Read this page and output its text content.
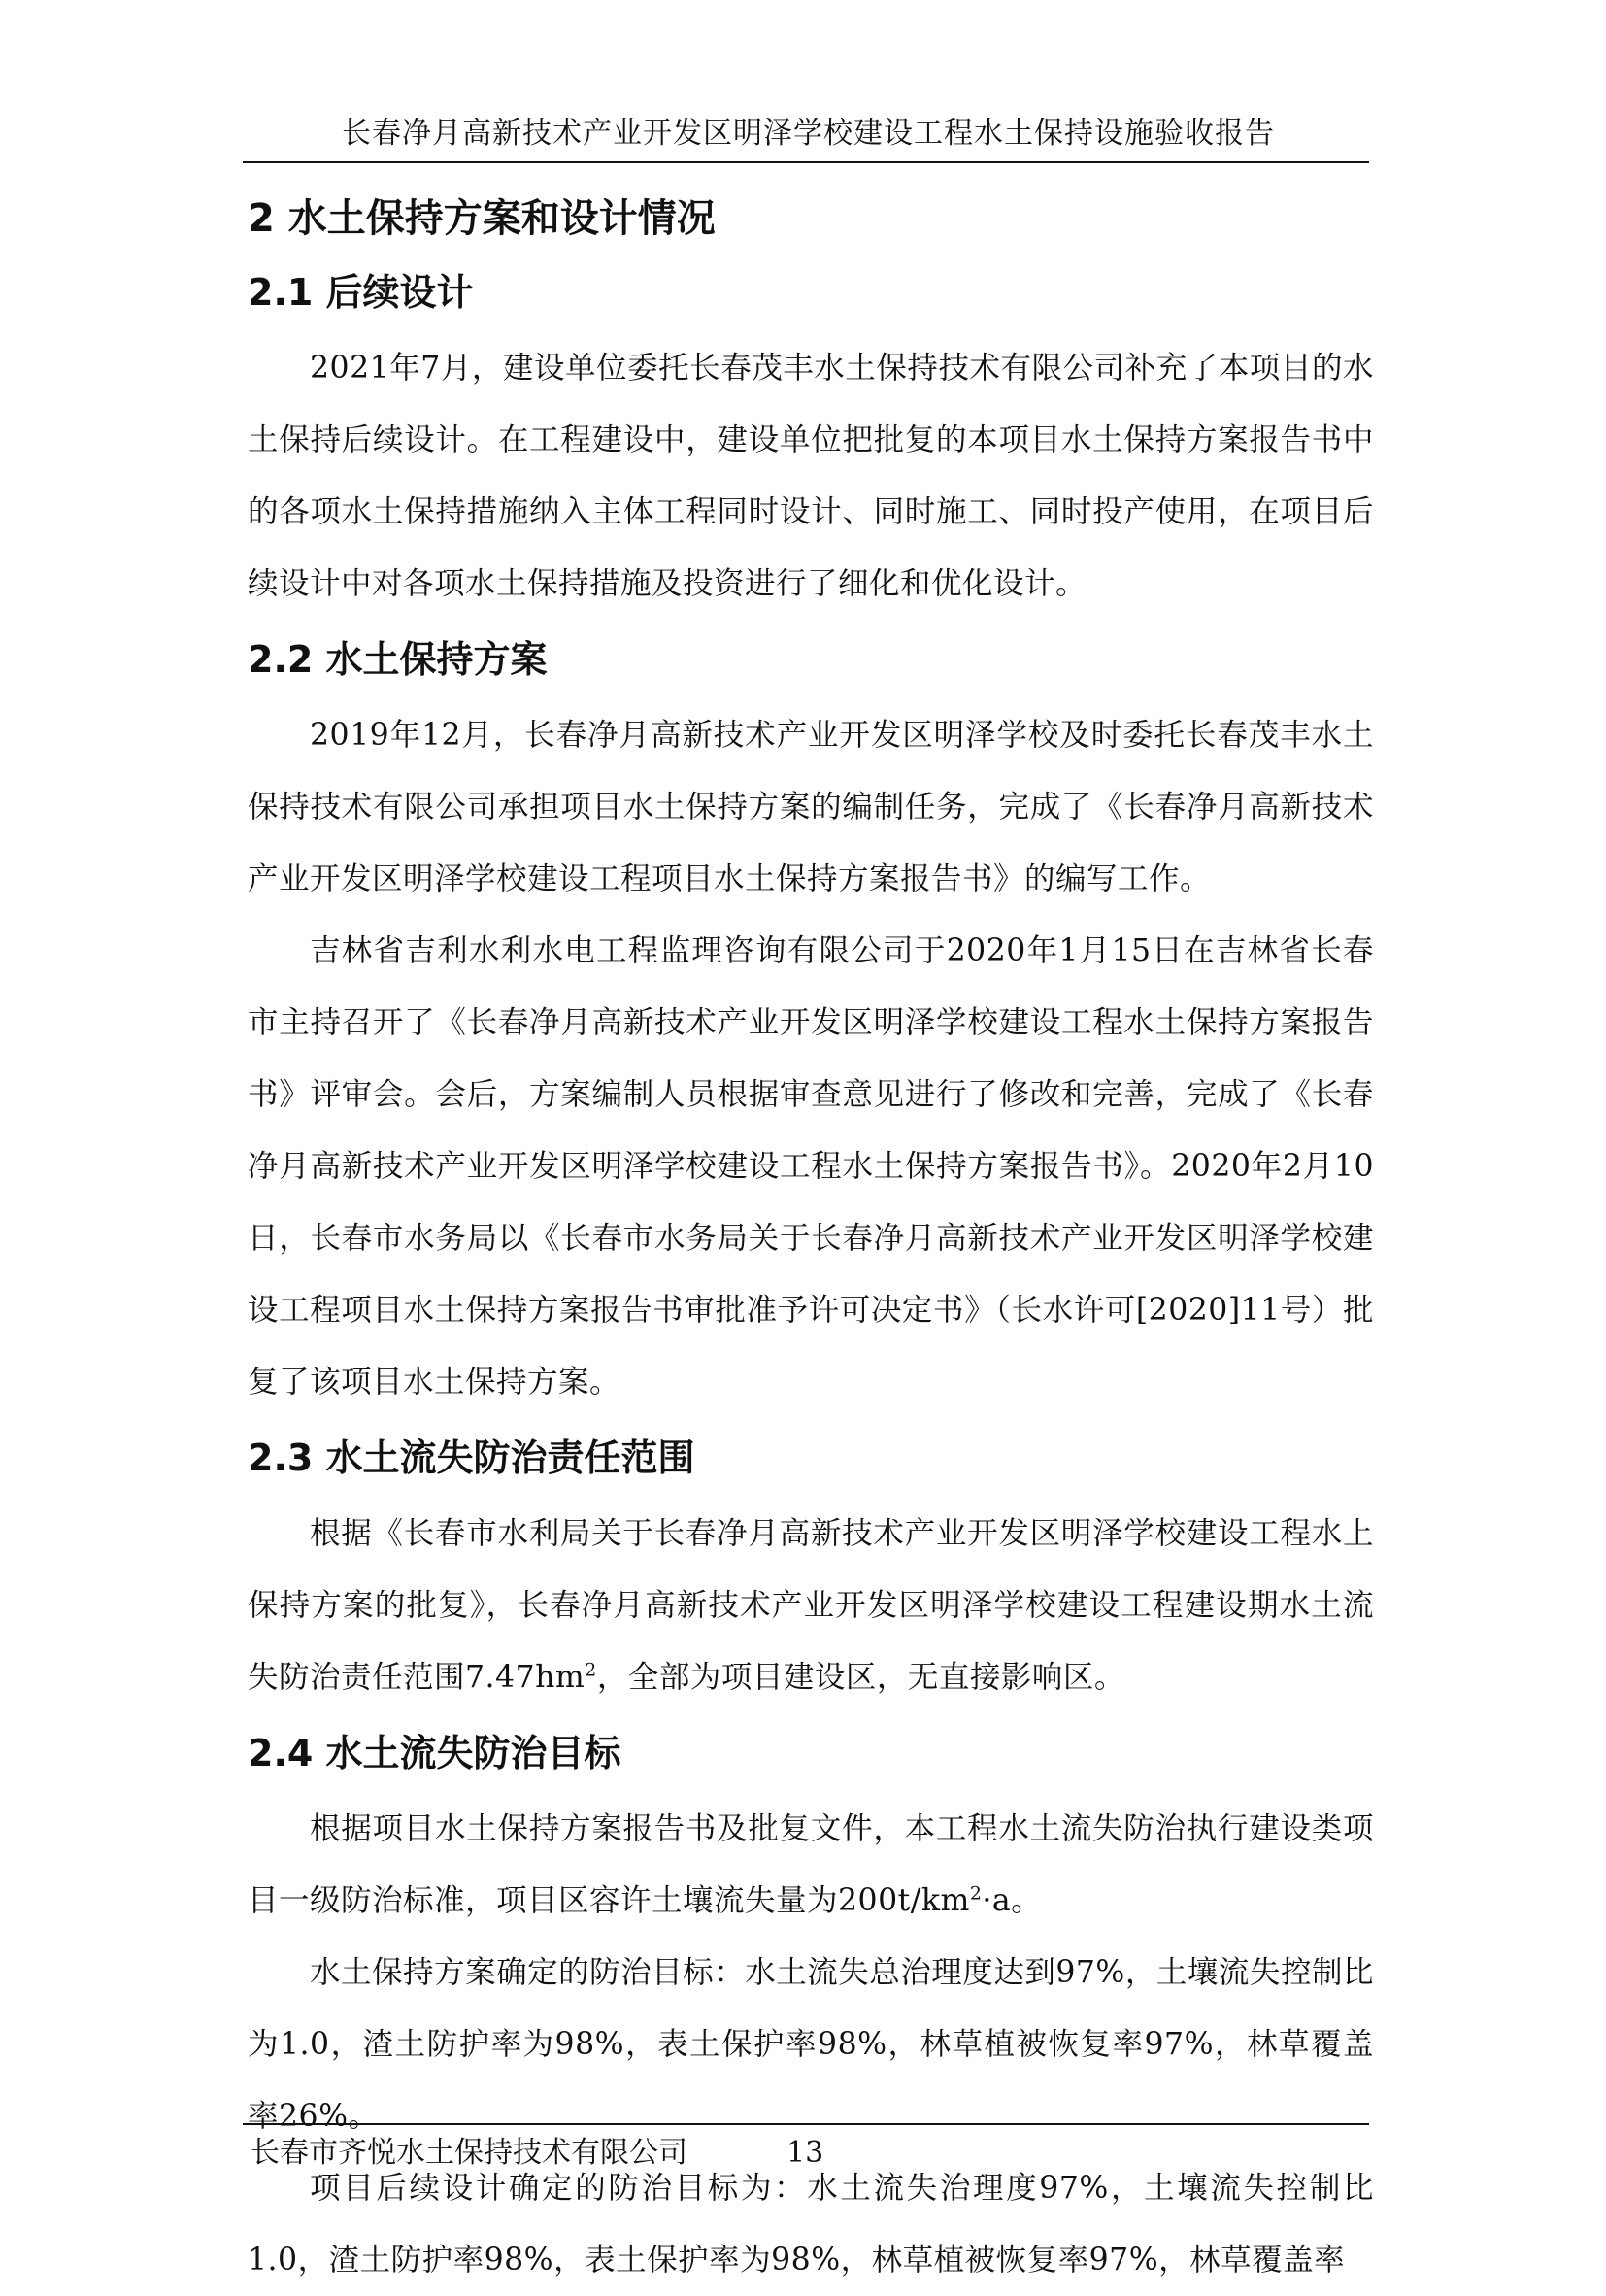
长春净月高新技术产业开发区明泽学校建设工程水土保持设施验收报告
2 水土保持方案和设计情况
2.1 后续设计

2021年7月，建设单位委托长春茂丰水土保持技术有限公司补充了本项目的水土保持后续设计。在工程建设中，建设单位把批复的本项目水土保持方案报告书中的各项水土保持措施纳入主体工程同时设计、同时施工、同时投产使用，在项目后续设计中对各项水土保持措施及投资进行了细化和优化设计。

2.2 水土保持方案

2019年12月，长春净月高新技术产业开发区明泽学校及时委托长春茂丰水土保持技术有限公司承担项目水土保持方案的编制任务，完成了《长春净月高新技术产业开发区明泽学校建设工程项目水土保持方案报告书》的编写工作。

吉林省吉利水利水电工程监理咨询有限公司于2020年1月15日在吉林省长春市主持召开了《长春净月高新技术产业开发区明泽学校建设工程水土保持方案报告书》评审会。会后，方案编制人员根据审查意见进行了修改和完善，完成了《长春净月高新技术产业开发区明泽学校建设工程水土保持方案报告书》。2020年2月10日，长春市水务局以《长春市水务局关于长春净月高新技术产业开发区明泽学校建设工程项目水土保持方案报告书审批准予许可决定书》（长水许可[2020]11号）批复了该项目水土保持方案。

2.3 水土流失防治责任范围

根据《长春市水利局关于长春净月高新技术产业开发区明泽学校建设工程水上保持方案的批复》，长春净月高新技术产业开发区明泽学校建设工程建设期水土流失防治责任范围$7.47hm^2$，全部为项目建设区，无直接影响区。

2.4 水土流失防治目标

根据项目水土保持方案报告书及批复文件，本工程水土流失防治执行建设类项目一级防治标准，项目区容许土壤流失量为$200t/km^2\cdot a$。

水土保持方案确定的防治目标：水土流失总治理度达到97%，土壤流失控制比为1.0，渣土防护率为98%，表土保护率98%，林草植被恢复率97%，林草覆盖率26%。

项目后续设计确定的防治目标为：水土流失治理度97%，土壤流失控制比1.0，渣土防护率98%，表土保护率为98%，林草植被恢复率97%，林草覆盖率

长春市齐悦水土保持技术有限公司	13
